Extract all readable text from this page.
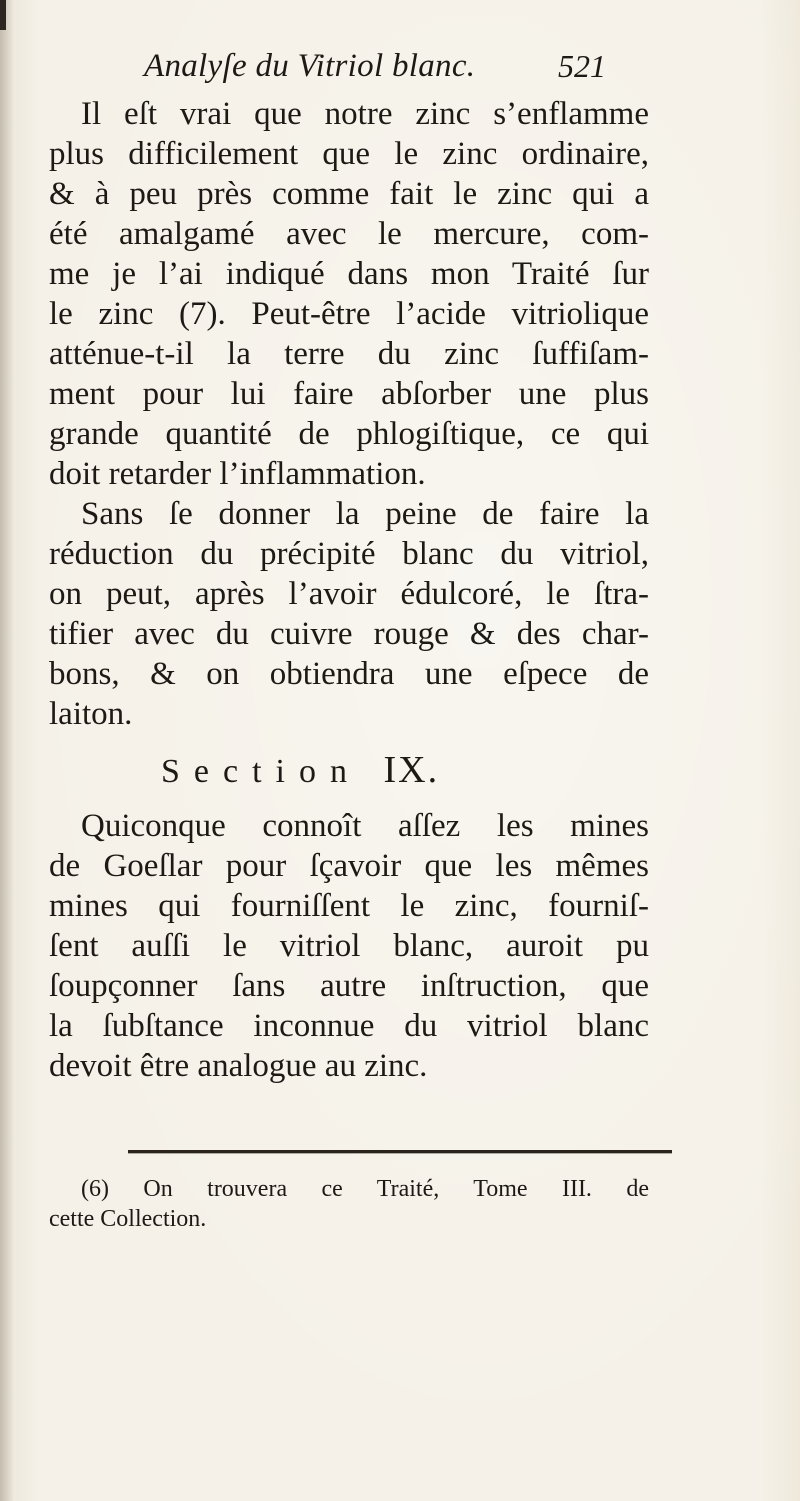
Analyſe du Vitriol blanc.	521
Il eſt vrai que notre zinc s’enflamme
plus difficilement que le zinc ordinaire,
& à peu près comme fait le zinc qui a
été amalgamé avec le mercure, com-
me je l’ai indiqué dans mon Traité ſur
le zinc (7). Peut-être l’acide vitriolique
atténue-t-il la terre du zinc ſuffiſam-
ment pour lui faire abſorber une plus
grande quantité de phlogiſtique, ce qui
doit retarder l’inflammation.
Sans ſe donner la peine de faire la
réduction du précipité blanc du vitriol,
on peut, après l’avoir édulcoré, le ſtra-
tifier avec du cuivre rouge & des char-
bons, & on obtiendra une eſpece de
laiton.
Section IX.
Quiconque connoît aſſez les mines
de Goeſlar pour ſçavoir que les mêmes
mines qui fourniſſent le zinc, fourniſ-
ſent auſſi le vitriol blanc, auroit pu
ſoupçonner ſans autre inſtruction, que
la ſubſtance inconnue du vitriol blanc
devoit être analogue au zinc.
(6) On trouvera ce Traité, Tome III. de
cette Collection.
